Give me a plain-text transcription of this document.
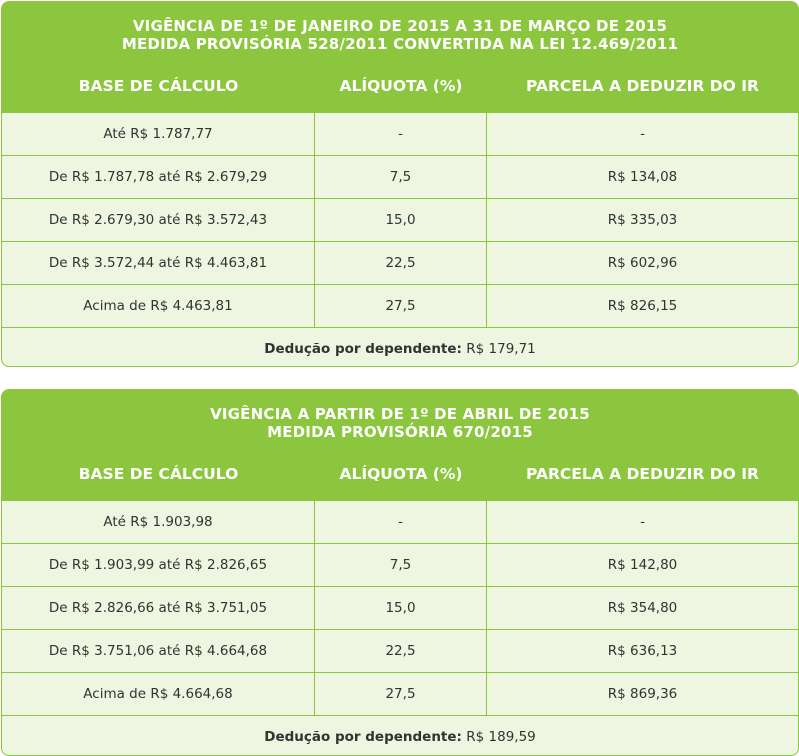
VIGÊNCIA DE 1º DE JANEIRO DE 2015 A 31 DE MARÇO DE 2015
MEDIDA PROVISÓRIA 528/2011 CONVERTIDA NA LEI 12.469/2011
BASE DE CÁLCULO	ALÍQUOTA (%)	PARCELA A DEDUZIR DO IR
Até R$ 1.787,77	-	-
De R$ 1.787,78 até R$ 2.679,29	7,5	R$ 134,08
De R$ 2.679,30 até R$ 3.572,43	15,0	R$ 335,03
De R$ 3.572,44 até R$ 4.463,81	22,5	R$ 602,96
Acima de R$ 4.463,81	27,5	R$ 826,15
Dedução por dependente: R$ 179,71
VIGÊNCIA A PARTIR DE 1º DE ABRIL DE 2015
MEDIDA PROVISÓRIA 670/2015
BASE DE CÁLCULO	ALÍQUOTA (%)	PARCELA A DEDUZIR DO IR
Até R$ 1.903,98	-	-
De R$ 1.903,99 até R$ 2.826,65	7,5	R$ 142,80
De R$ 2.826,66 até R$ 3.751,05	15,0	R$ 354,80
De R$ 3.751,06 até R$ 4.664,68	22,5	R$ 636,13
Acima de R$ 4.664,68	27,5	R$ 869,36
Dedução por dependente: R$ 189,59
